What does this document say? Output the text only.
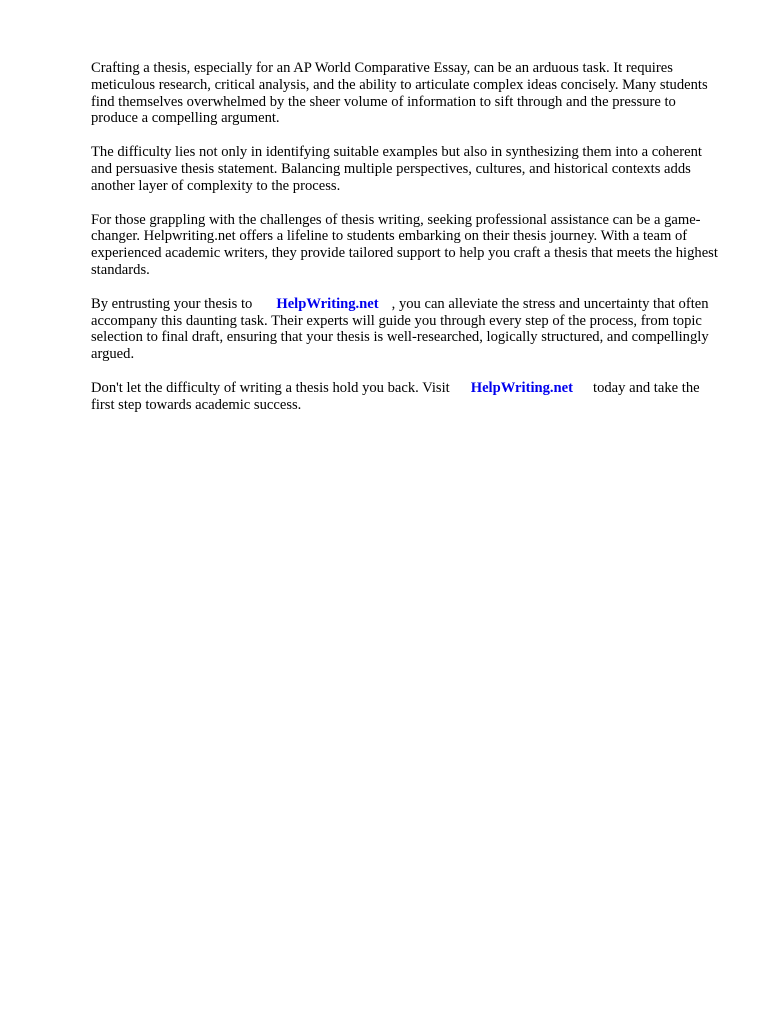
Crafting a thesis, especially for an AP World Comparative Essay, can be an arduous task. It requires meticulous research, critical analysis, and the ability to articulate complex ideas concisely. Many students find themselves overwhelmed by the sheer volume of information to sift through and the pressure to produce a compelling argument.

The difficulty lies not only in identifying suitable examples but also in synthesizing them into a coherent and persuasive thesis statement. Balancing multiple perspectives, cultures, and historical contexts adds another layer of complexity to the process.

For those grappling with the challenges of thesis writing, seeking professional assistance can be a game-changer. Helpwriting.net offers a lifeline to students embarking on their thesis journey. With a team of experienced academic writers, they provide tailored support to help you craft a thesis that meets the highest standards.

By entrusting your thesis to HelpWriting.net , you can alleviate the stress and uncertainty that often accompany this daunting task. Their experts will guide you through every step of the process, from topic selection to final draft, ensuring that your thesis is well-researched, logically structured, and compellingly argued.

Don't let the difficulty of writing a thesis hold you back. Visit HelpWriting.net today and take the first step towards academic success.
